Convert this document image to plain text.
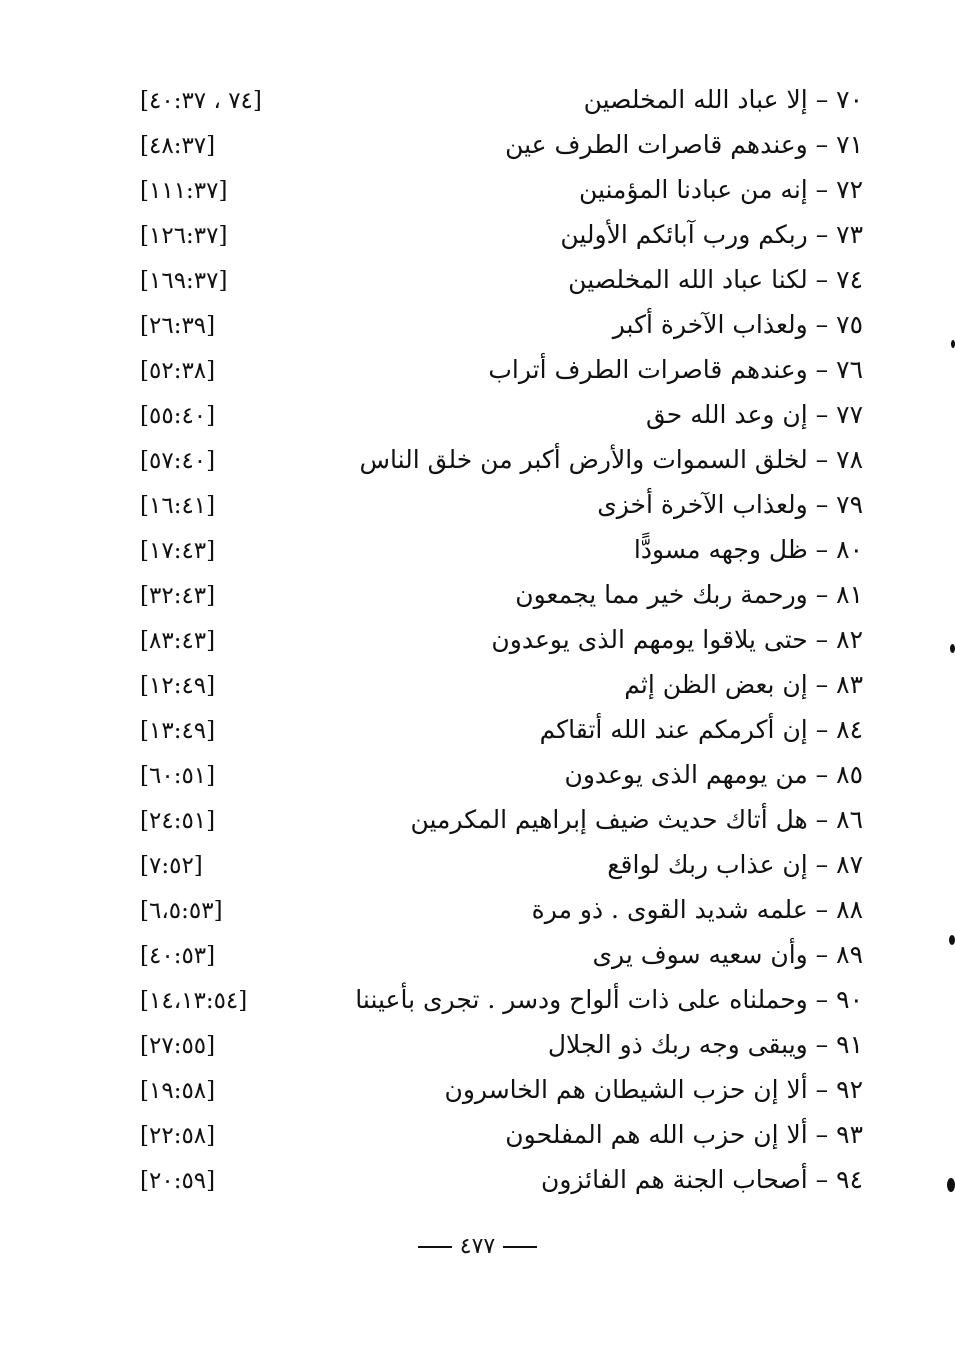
٧٠ – إلا عباد الله المخلصين
[٧٤ ، ٤٠:٣٧]
٧١ – وعندهم قاصرات الطرف عين
[٤٨:٣٧]
٧٢ – إنه من عبادنا المؤمنين
[١١١:٣٧]
٧٣ – ربكم ورب آبائكم الأولين
[١٢٦:٣٧]
٧٤ – لكنا عباد الله المخلصين
[١٦٩:٣٧]
٧٥ – ولعذاب الآخرة أكبر
[٢٦:٣٩]
٧٦ – وعندهم قاصرات الطرف أتراب
[٥٢:٣٨]
٧٧ – إن وعد الله حق
[٥٥:٤٠]
٧٨ – لخلق السموات والأرض أكبر من خلق الناس
[٥٧:٤٠]
٧٩ – ولعذاب الآخرة أخزى
[١٦:٤١]
٨٠ – ظل وجهه مسودًّا
[١٧:٤٣]
٨١ – ورحمة ربك خير مما يجمعون
[٣٢:٤٣]
٨٢ – حتى يلاقوا يومهم الذى يوعدون
[٨٣:٤٣]
٨٣ – إن بعض الظن إثم
[١٢:٤٩]
٨٤ – إن أكرمكم عند الله أتقاكم
[١٣:٤٩]
٨٥ – من يومهم الذى يوعدون
[٦٠:٥١]
٨٦ – هل أتاك حديث ضيف إبراهيم المكرمين
[٢٤:٥١]
٨٧ – إن عذاب ربك لواقع
[٧:٥٢]
٨٨ – علمه شديد القوى . ذو مرة
[٦،٥:٥٣]
٨٩ – وأن سعيه سوف يرى
[٤٠:٥٣]
٩٠ – وحملناه على ذات ألواح ودسر . تجرى بأعيننا
[١٤،١٣:٥٤]
٩١ – ويبقى وجه ربك ذو الجلال
[٢٧:٥٥]
٩٢ – ألا إن حزب الشيطان هم الخاسرون
[١٩:٥٨]
٩٣ – ألا إن حزب الله هم المفلحون
[٢٢:٥٨]
٩٤ – أصحاب الجنة هم الفائزون
[٢٠:٥٩]
٤٧٧
